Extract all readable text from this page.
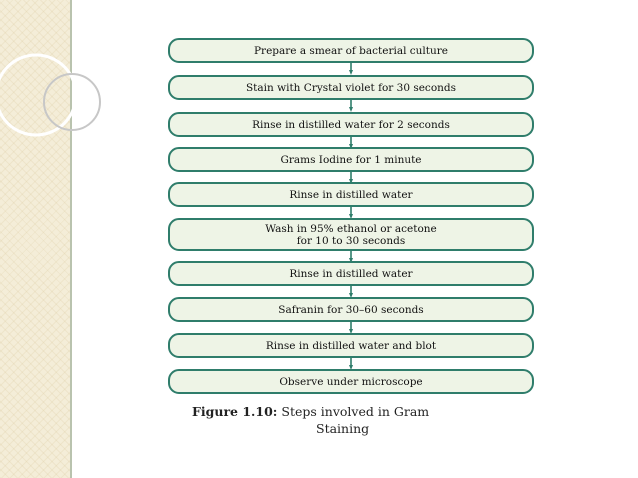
Prepare a smear of bacterial culture
Stain with Crystal violet for 30 seconds
Rinse in distilled water for 2 seconds
Grams Iodine for 1 minute
Rinse in distilled water
Wash in 95% ethanol or acetone
for 10 to 30 seconds
Rinse in distilled water
Safranin for 30–60 seconds
Rinse in distilled water and blot
Observe under microscope
Figure 1.10: Steps involved in Gram
Staining
